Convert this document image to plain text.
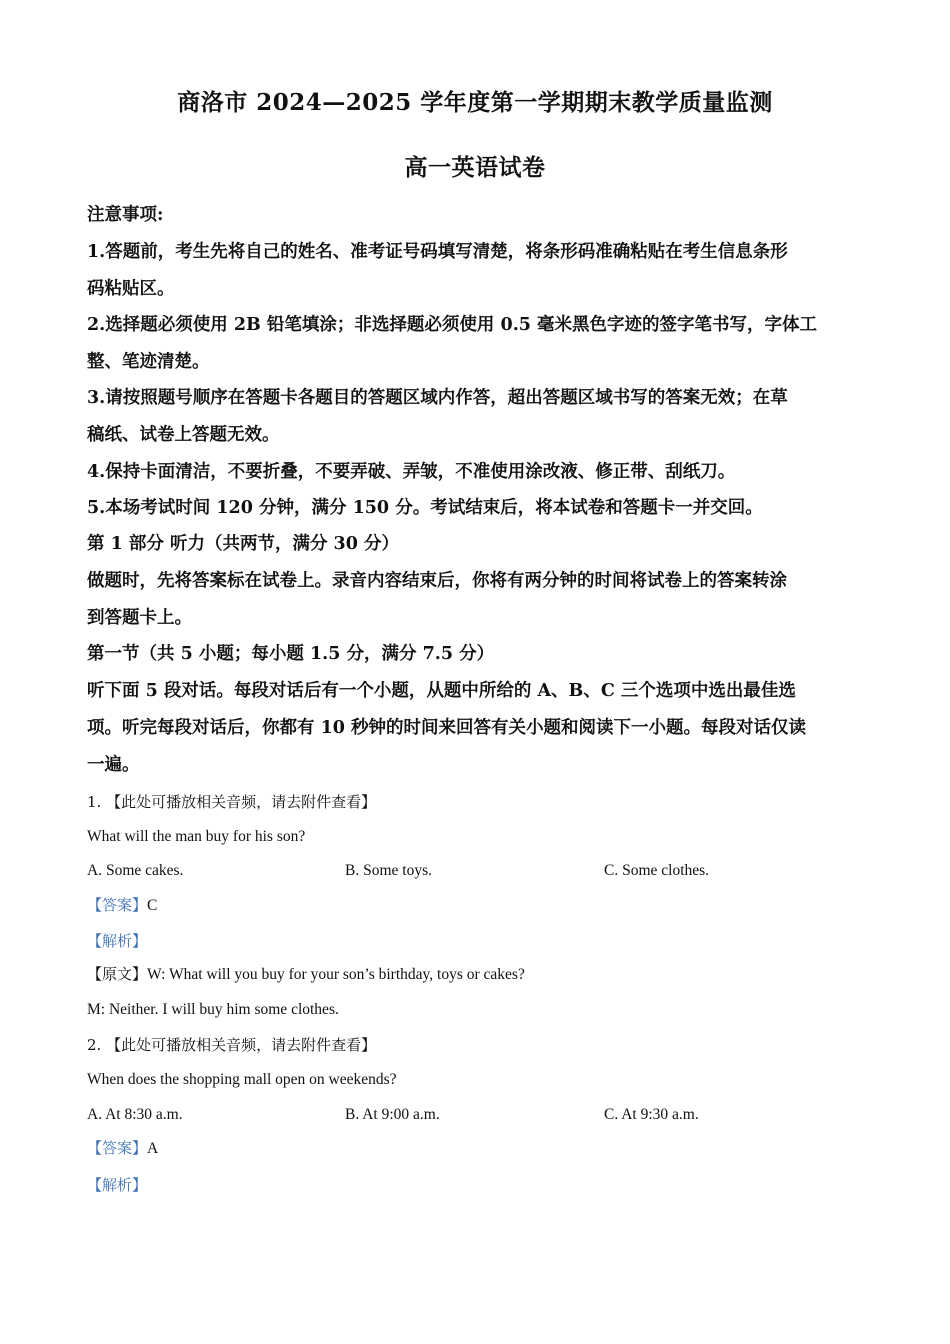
商洛市 2024—2025 学年度第一学期期末教学质量监测
高一英语试卷
注意事项:
1.答题前，考生先将自己的姓名、准考证号码填写清楚，将条形码准确粘贴在考生信息条形
码粘贴区。
2.选择题必须使用 2B 铅笔填涂；非选择题必须使用 0.5 毫米黑色字迹的签字笔书写，字体工
整、笔迹清楚。
3.请按照题号顺序在答题卡各题目的答题区域内作答，超出答题区域书写的答案无效；在草
稿纸、试卷上答题无效。
4.保持卡面清洁，不要折叠，不要弄破、弄皱，不准使用涂改液、修正带、刮纸刀。
5.本场考试时间 120 分钟，满分 150 分。考试结束后，将本试卷和答题卡一并交回。
第 1 部分 听力（共两节，满分 30 分）
做题时，先将答案标在试卷上。录音内容结束后，你将有两分钟的时间将试卷上的答案转涂
到答题卡上。
第一节（共 5 小题；每小题 1.5 分，满分 7.5 分）
听下面 5 段对话。每段对话后有一个小题，从题中所给的 A、B、C 三个选项中选出最佳选
项。听完每段对话后，你都有 10 秒钟的时间来回答有关小题和阅读下一小题。每段对话仅读
一遍。
1. 【此处可播放相关音频，请去附件查看】
What will the man buy for his son?
A. Some cakes.	B. Some toys.	C. Some clothes.
【答案】C
【解析】
【原文】W: What will you buy for your son’s birthday, toys or cakes?
M: Neither. I will buy him some clothes.
2. 【此处可播放相关音频，请去附件查看】
When does the shopping mall open on weekends?
A. At 8:30 a.m.	B. At 9:00 a.m.	C. At 9:30 a.m.
【答案】A
【解析】
